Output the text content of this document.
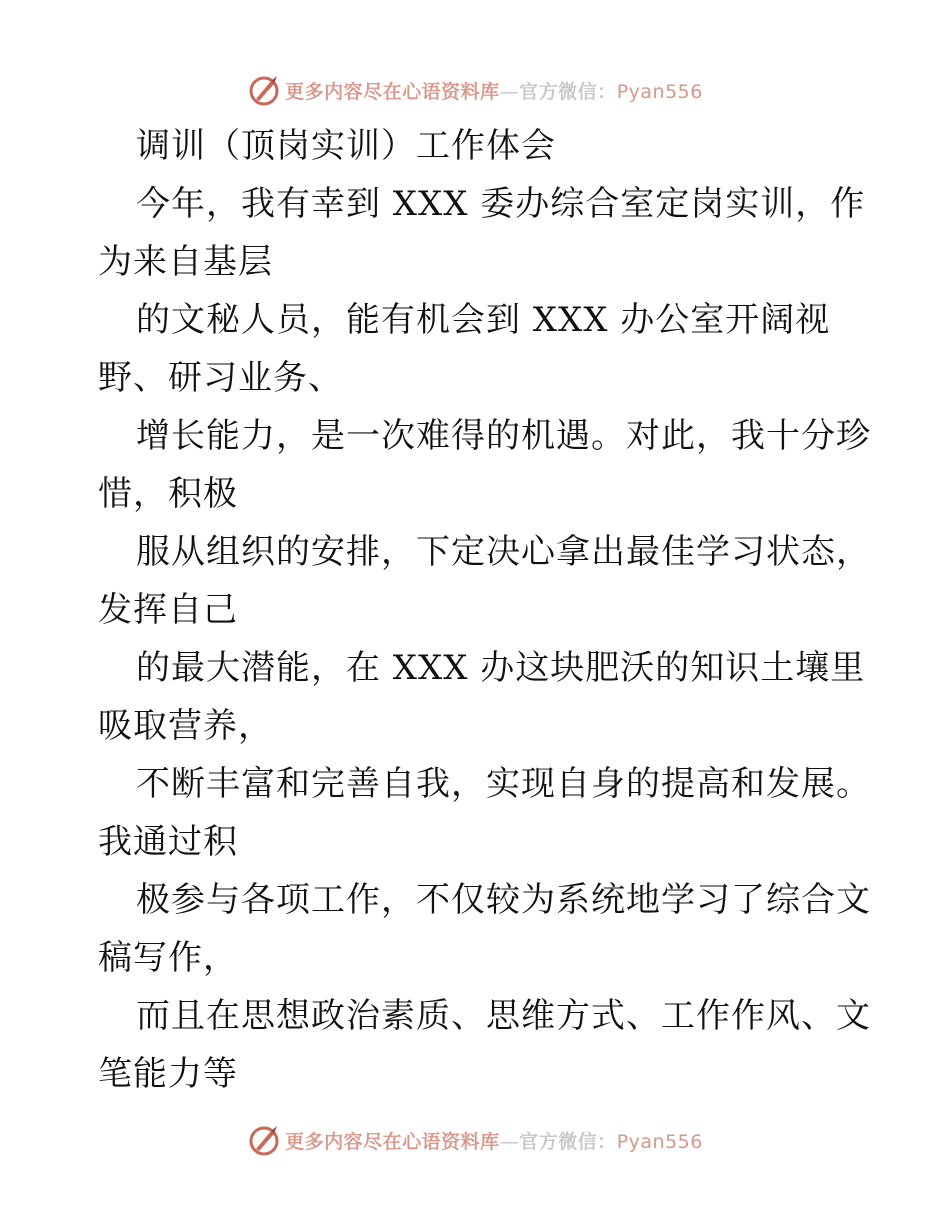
更多内容尽在心语资料库—官方微信：Pyan556
调训（顶岗实训）工作体会
今年，我有幸到 XXX 委办综合室定岗实训，作
为来自基层
的文秘人员，能有机会到 XXX 办公室开阔视
野、研习业务、
增长能力，是一次难得的机遇。对此，我十分珍
惜，积极
服从组织的安排，下定决心拿出最佳学习状态，
发挥自己
的最大潜能，在 XXX 办这块肥沃的知识土壤里
吸取营养，
不断丰富和完善自我，实现自身的提高和发展。
我通过积
极参与各项工作，不仅较为系统地学习了综合文
稿写作，
而且在思想政治素质、思维方式、工作作风、文
笔能力等
更多内容尽在心语资料库—官方微信：Pyan556
